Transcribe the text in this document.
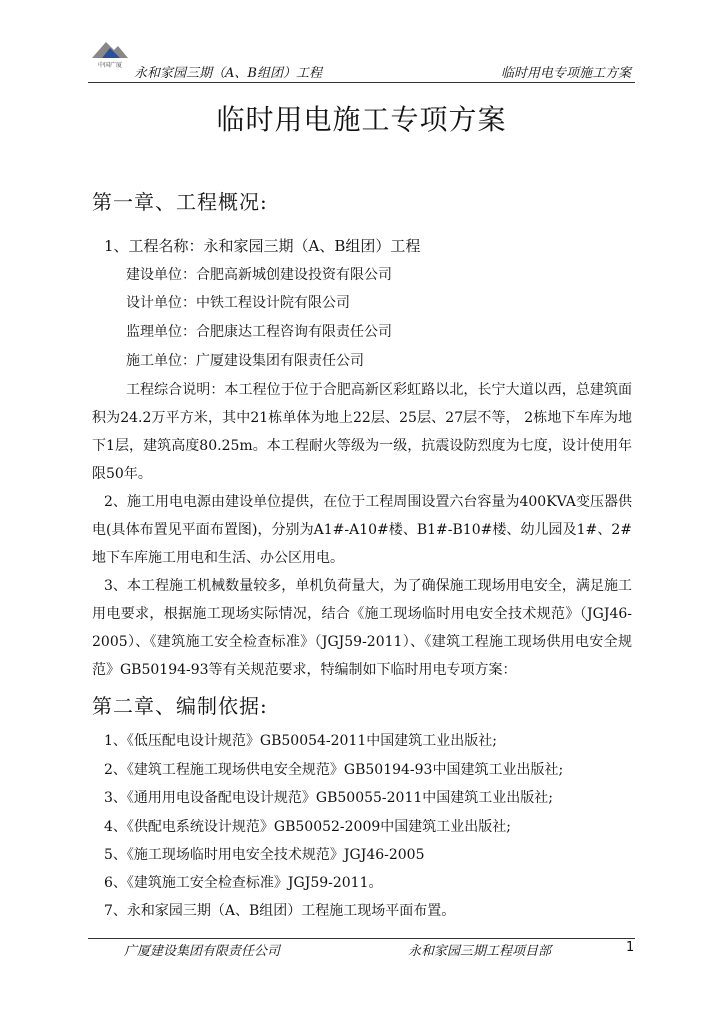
中国广厦
永和家园三期（A、B组团）工程	临时用电专项施工方案
临时用电施工专项方案
第一章、工程概况:
1、工程名称：永和家园三期（A、B组团）工程
建设单位：合肥高新城创建设投资有限公司
设计单位：中铁工程设计院有限公司
监理单位：合肥康达工程咨询有限责任公司
施工单位：广厦建设集团有限责任公司
工程综合说明：本工程位于位于合肥高新区彩虹路以北，长宁大道以西，总建筑面积为24.2万平方米，其中21栋单体为地上22层、25层、27层不等， 2栋地下车库为地下1层，建筑高度80.25m。本工程耐火等级为一级，抗震设防烈度为七度，设计使用年限50年。
2、施工用电电源由建设单位提供，在位于工程周围设置六台容量为400KVA变压器供电(具体布置见平面布置图)，分别为A1#-A10#楼、B1#-B10#楼、幼儿园及1#、2#地下车库施工用电和生活、办公区用电。
3、本工程施工机械数量较多，单机负荷量大，为了确保施工现场用电安全，满足施工用电要求，根据施工现场实际情况，结合《施工现场临时用电安全技术规范》（JGJ46-2005）、《建筑施工安全检查标准》（JGJ59-2011）、《建筑工程施工现场供用电安全规范》GB50194-93等有关规范要求，特编制如下临时用电专项方案：
第二章、编制依据:
1、《低压配电设计规范》GB50054-2011中国建筑工业出版社;
2、《建筑工程施工现场供电安全规范》GB50194-93中国建筑工业出版社;
3、《通用用电设备配电设计规范》GB50055-2011中国建筑工业出版社;
4、《供配电系统设计规范》GB50052-2009中国建筑工业出版社;
5、《施工现场临时用电安全技术规范》JGJ46-2005
6、《建筑施工安全检查标准》JGJ59-2011。
7、永和家园三期（A、B组团）工程施工现场平面布置。
广厦建设集团有限责任公司	永和家园三期工程项目部	1
